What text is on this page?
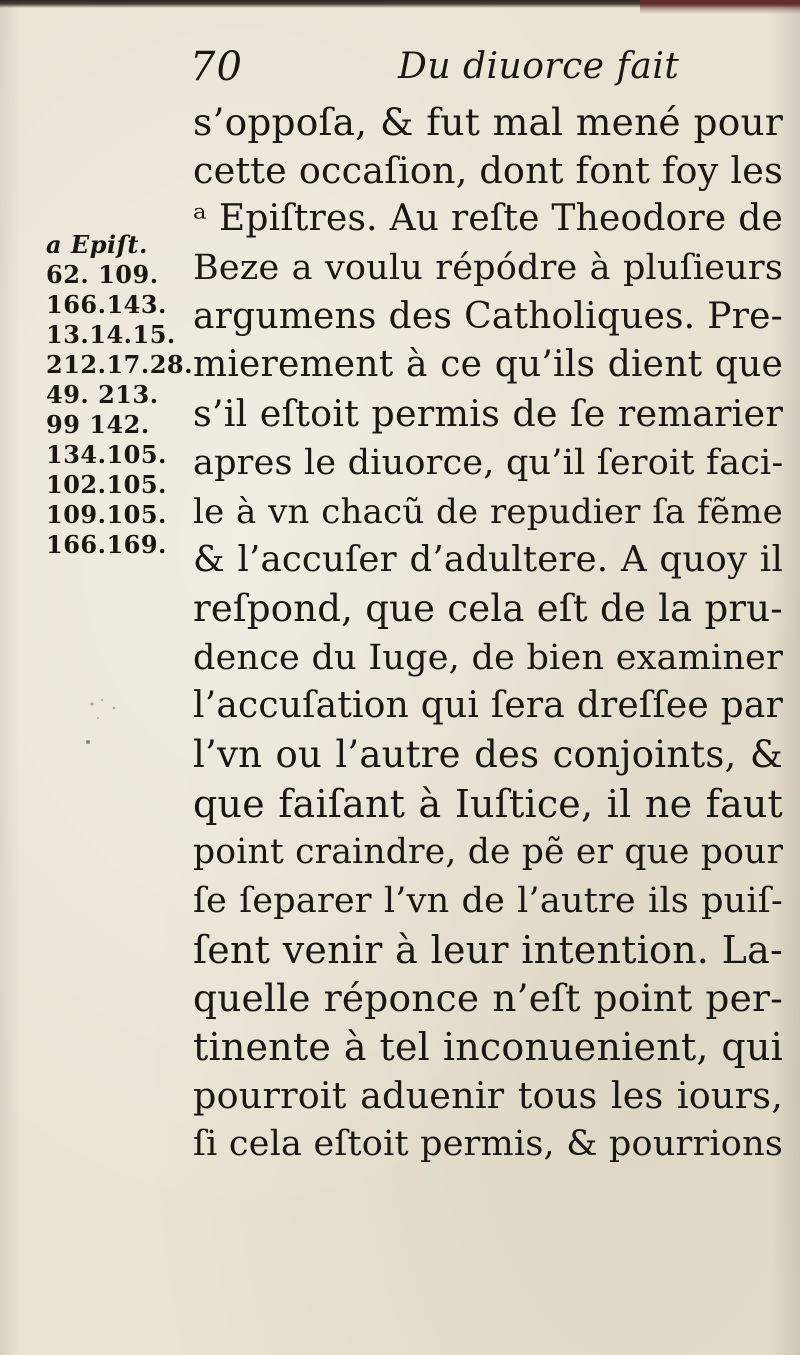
70	Du diuorce fait
a Epiſt.
62. 109.
166.143.
13.14.15.
212.17.28.
49. 213.
99 142.
134.105.
102.105.
109.105.
166.169.
s’oppoſa, & fut mal mené pour
cette occaſion, dont font foy les
ᵃ Epiſtres. Au reſte Theodore de
Beze a voulu répódre à pluſieurs
argumens des Catholiques. Pre-
mierement à ce qu’ils dient que
s’il eſtoit permis de ſe remarier
apres le diuorce, qu’il ſeroit faci-
le à vn chacũ de repudier ſa fẽme
& l’accuſer d’adultere. A quoy il
reſpond, que cela eſt de la pru-
dence du Iuge, de bien examiner
l’accuſation qui ſera dreſſee par
l’vn ou l’autre des conjoints, &
que faiſant à Iuſtice, il ne faut
point craindre, de pẽ er que pour
ſe ſeparer l’vn de l’autre ils puiſ-
ſent venir à leur intention. La-
quelle réponce n’eſt point per-
tinente à tel inconuenient, qui
pourroit aduenir tous les iours,
ſi cela eſtoit permis, & pourrions
